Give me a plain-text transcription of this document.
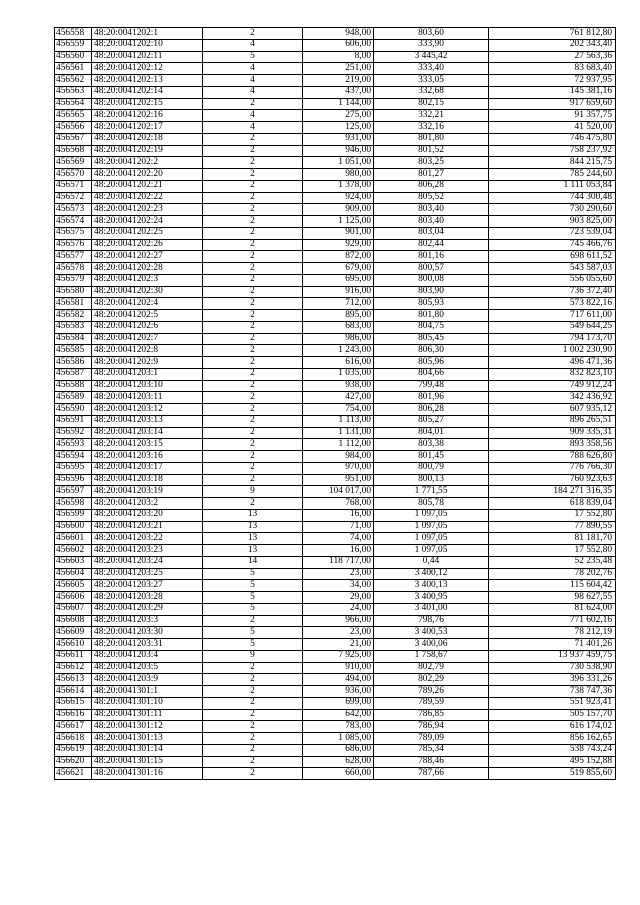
456558	48:20:0041202:1	2	948,00	803,60	761 812,80
456559	48:20:0041202:10	4	606,00	333,90	202 343,40
456560	48:20:0041202:11	5	8,00	3 445,42	27 563,36
456561	48:20:0041202:12	4	251,00	333,40	83 683,40
456562	48:20:0041202:13	4	219,00	333,05	72 937,95
456563	48:20:0041202:14	4	437,00	332,68	145 381,16
456564	48:20:0041202:15	2	1 144,00	802,15	917 659,60
456565	48:20:0041202:16	4	275,00	332,21	91 357,75
456566	48:20:0041202:17	4	125,00	332,16	41 520,00
456567	48:20:0041202:18	2	931,00	801,80	746 475,80
456568	48:20:0041202:19	2	946,00	801,52	758 237,92
456569	48:20:0041202:2	2	1 051,00	803,25	844 215,75
456570	48:20:0041202:20	2	980,00	801,27	785 244,60
456571	48:20:0041202:21	2	1 378,00	806,28	1 111 053,84
456572	48:20:0041202:22	2	924,00	805,52	744 300,48
456573	48:20:0041202:23	2	909,00	803,40	730 290,60
456574	48:20:0041202:24	2	1 125,00	803,40	903 825,00
456575	48:20:0041202:25	2	901,00	803,04	723 539,04
456576	48:20:0041202:26	2	929,00	802,44	745 466,76
456577	48:20:0041202:27	2	872,00	801,16	698 611,52
456578	48:20:0041202:28	2	679,00	800,57	543 587,03
456579	48:20:0041202:3	2	695,00	800,08	556 055,60
456580	48:20:0041202:30	2	916,00	803,90	736 372,40
456581	48:20:0041202:4	2	712,00	805,93	573 822,16
456582	48:20:0041202:5	2	895,00	801,80	717 611,00
456583	48:20:0041202:6	2	683,00	804,75	549 644,25
456584	48:20:0041202:7	2	986,00	805,45	794 173,70
456585	48:20:0041202:8	2	1 243,00	806,30	1 002 230,90
456586	48:20:0041202:9	2	616,00	805,96	496 471,36
456587	48:20:0041203:1	2	1 035,00	804,66	832 823,10
456588	48:20:0041203:10	2	938,00	799,48	749 912,24
456589	48:20:0041203:11	2	427,00	801,96	342 436,92
456590	48:20:0041203:12	2	754,00	806,28	607 935,12
456591	48:20:0041203:13	2	1 113,00	805,27	896 265,51
456592	48:20:0041203:14	2	1 131,00	804,01	909 335,31
456593	48:20:0041203:15	2	1 112,00	803,38	893 358,56
456594	48:20:0041203:16	2	984,00	801,45	788 626,80
456595	48:20:0041203:17	2	970,00	800,79	776 766,30
456596	48:20:0041203:18	2	951,00	800,13	760 923,63
456597	48:20:0041203:19	9	104 017,00	1 771,55	184 271 316,35
456598	48:20:0041203:2	2	768,00	805,78	618 839,04
456599	48:20:0041203:20	13	16,00	1 097,05	17 552,80
456600	48:20:0041203:21	13	71,00	1 097,05	77 890,55
456601	48:20:0041203:22	13	74,00	1 097,05	81 181,70
456602	48:20:0041203:23	13	16,00	1 097,05	17 552,80
456603	48:20:0041203:24	14	118 717,00	0,44	52 235,48
456604	48:20:0041203:25	5	23,00	3 400,12	78 202,76
456605	48:20:0041203:27	5	34,00	3 400,13	115 604,42
456606	48:20:0041203:28	5	29,00	3 400,95	98 627,55
456607	48:20:0041203:29	5	24,00	3 401,00	81 624,00
456608	48:20:0041203:3	2	966,00	798,76	771 602,16
456609	48:20:0041203:30	5	23,00	3 400,53	78 212,19
456610	48:20:0041203:31	5	21,00	3 400,06	71 401,26
456611	48:20:0041203:4	9	7 925,00	1 758,67	13 937 459,75
456612	48:20:0041203:5	2	910,00	802,79	730 538,90
456613	48:20:0041203:9	2	494,00	802,29	396 331,26
456614	48:20:0041301:1	2	936,00	789,26	738 747,36
456615	48:20:0041301:10	2	699,00	789,59	551 923,41
456616	48:20:0041301:11	2	642,00	786,85	505 157,70
456617	48:20:0041301:12	2	783,00	786,94	616 174,02
456618	48:20:0041301:13	2	1 085,00	789,09	856 162,65
456619	48:20:0041301:14	2	686,00	785,34	538 743,24
456620	48:20:0041301:15	2	628,00	788,46	495 152,88
456621	48:20:0041301:16	2	660,00	787,66	519 855,60
